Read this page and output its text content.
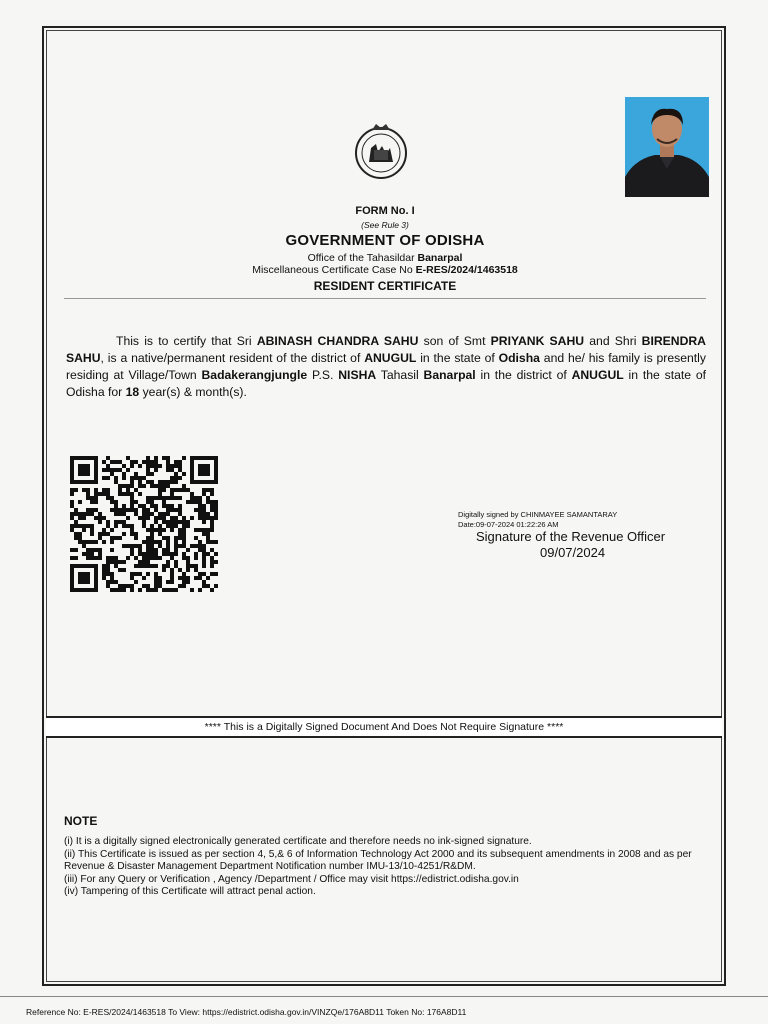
FORM No. I
(See Rule 3)
GOVERNMENT OF ODISHA
Office of the Tahasildar Banarpal
Miscellaneous Certificate Case No E-RES/2024/1463518
RESIDENT CERTIFICATE
This is to certify that Sri ABINASH CHANDRA SAHU son of Smt PRIYANK SAHU and Shri BIRENDRA SAHU, is a native/permanent resident of the district of ANUGUL in the state of Odisha and he/ his family is presently residing at Village/Town Badakerangjungle P.S. NISHA Tahasil Banarpal in the district of ANUGUL in the state of Odisha for 18 year(s) & month(s).
Digitally signed by CHINMAYEE SAMANTARAY
Date:09-07-2024 01:22:26 AM
Signature of the Revenue Officer
09/07/2024
**** This is a Digitally Signed Document And Does Not Require Signature ****
NOTE
(i) It is a digitally signed electronically generated certificate and therefore needs no ink-signed signature.
(ii) This Certificate is issued as per section 4, 5,& 6 of Information Technology Act 2000 and its subsequent amendments in 2008 and as per Revenue & Disaster Management Department Notification number IMU-13/10-4251/R&DM.
(iii) For any Query or Verification , Agency /Department / Office may visit https://edistrict.odisha.gov.in
(iv) Tampering of this Certificate will attract penal action.
Reference No: E-RES/2024/1463518 To View: https://edistrict.odisha.gov.in/VINZQe/176A8D11 Token No: 176A8D11
